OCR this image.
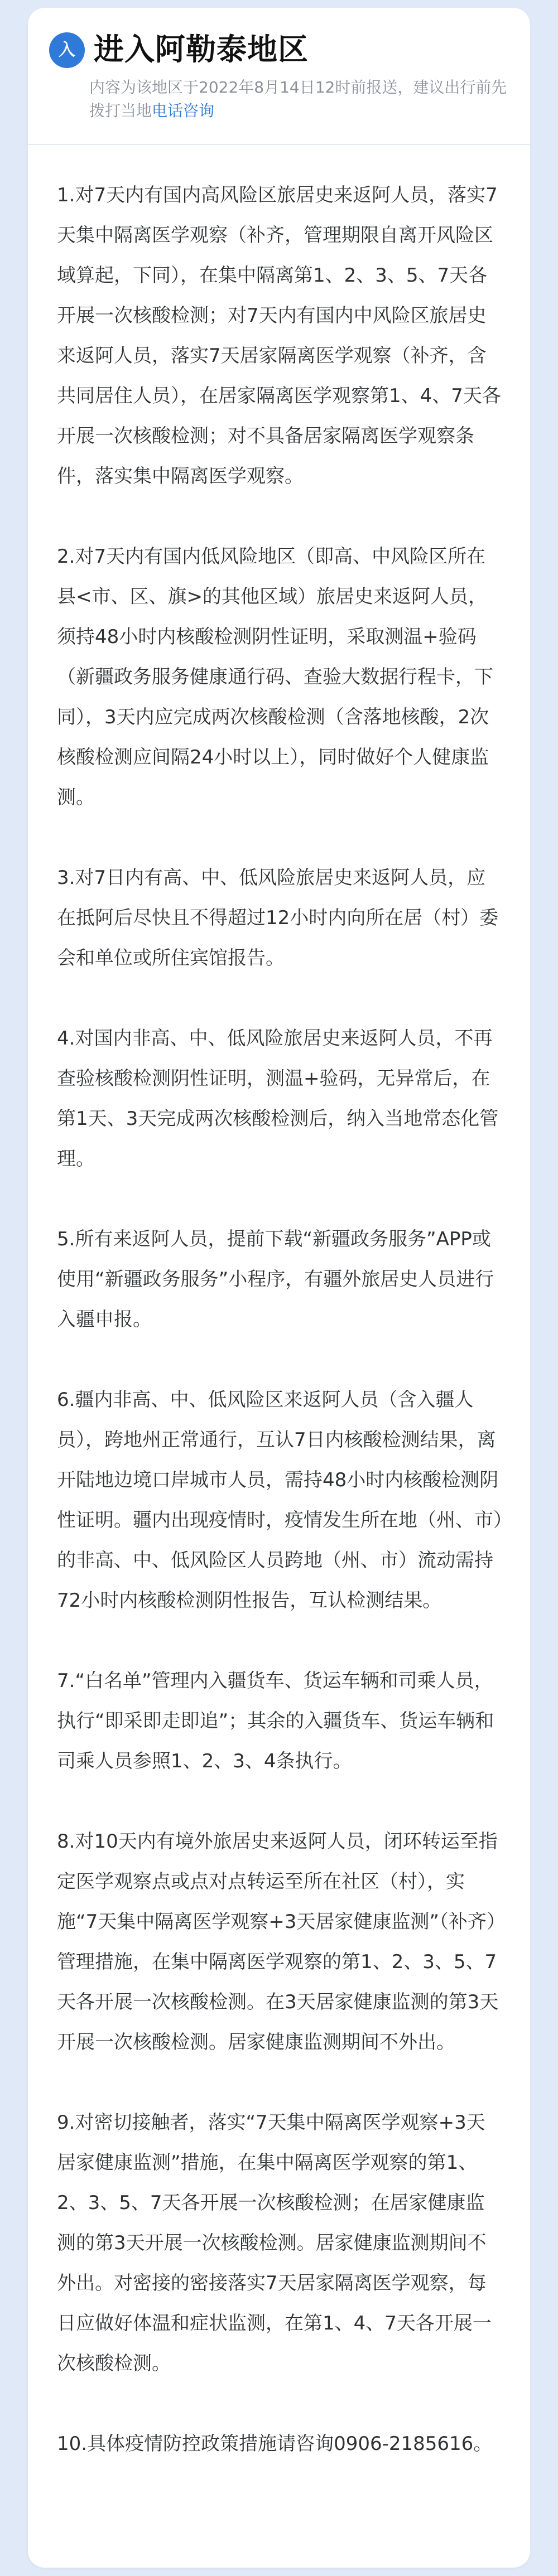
入 进入阿勒泰地区
内容为该地区于2022年8月14日12时前报送，建议出行前先拨打当地电话咨询

1.对7天内有国内高风险区旅居史来返阿人员，落实7天集中隔离医学观察（补齐，管理期限自离开风险区域算起，下同），在集中隔离第1、2、3、5、7天各开展一次核酸检测；对7天内有国内中风险区旅居史来返阿人员，落实7天居家隔离医学观察（补齐，含共同居住人员），在居家隔离医学观察第1、4、7天各开展一次核酸检测；对不具备居家隔离医学观察条件，落实集中隔离医学观察。

2.对7天内有国内低风险地区（即高、中风险区所在县<市、区、旗>的其他区域）旅居史来返阿人员，须持48小时内核酸检测阴性证明，采取测温+验码（新疆政务服务健康通行码、查验大数据行程卡，下同），3天内应完成两次核酸检测（含落地核酸，2次核酸检测应间隔24小时以上），同时做好个人健康监测。

3.对7日内有高、中、低风险旅居史来返阿人员，应在抵阿后尽快且不得超过12小时内向所在居（村）委会和单位或所住宾馆报告。

4.对国内非高、中、低风险旅居史来返阿人员，不再查验核酸检测阴性证明，测温+验码，无异常后，在第1天、3天完成两次核酸检测后，纳入当地常态化管理。

5.所有来返阿人员，提前下载“新疆政务服务”APP或使用“新疆政务服务”小程序，有疆外旅居史人员进行入疆申报。

6.疆内非高、中、低风险区来返阿人员（含入疆人员），跨地州正常通行，互认7日内核酸检测结果，离开陆地边境口岸城市人员，需持48小时内核酸检测阴性证明。疆内出现疫情时，疫情发生所在地（州、市）的非高、中、低风险区人员跨地（州、市）流动需持72小时内核酸检测阴性报告，互认检测结果。

7.“白名单”管理内入疆货车、货运车辆和司乘人员，执行“即采即走即追”；其余的入疆货车、货运车辆和司乘人员参照1、2、3、4条执行。

8.对10天内有境外旅居史来返阿人员，闭环转运至指定医学观察点或点对点转运至所在社区（村），实施“7天集中隔离医学观察+3天居家健康监测”（补齐）管理措施，在集中隔离医学观察的第1、2、3、5、7天各开展一次核酸检测。在3天居家健康监测的第3天开展一次核酸检测。居家健康监测期间不外出。

9.对密切接触者，落实“7天集中隔离医学观察+3天居家健康监测”措施，在集中隔离医学观察的第1、2、3、5、7天各开展一次核酸检测；在居家健康监测的第3天开展一次核酸检测。居家健康监测期间不外出。对密接的密接落实7天居家隔离医学观察，每日应做好体温和症状监测，在第1、4、7天各开展一次核酸检测。

10.具体疫情防控政策措施请咨询0906-2185616。
